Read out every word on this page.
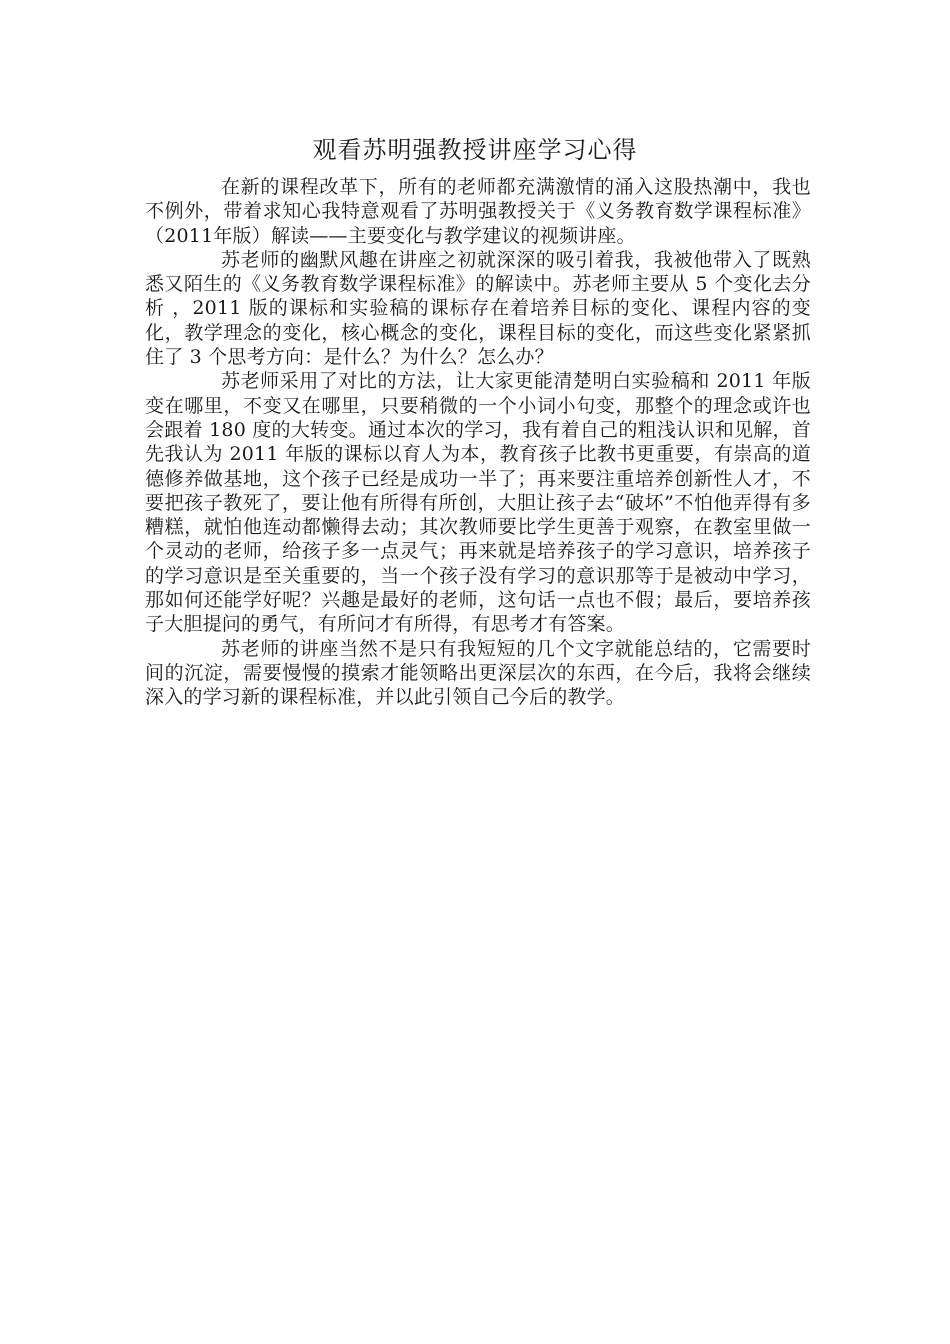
观看苏明强教授讲座学习心得

在新的课程改革下，所有的老师都充满激情的涌入这股热潮中，我也不例外，带着求知心我特意观看了苏明强教授关于《义务教育数学课程标准》（2011年版）解读——主要变化与教学建议的视频讲座。

苏老师的幽默风趣在讲座之初就深深的吸引着我，我被他带入了既熟悉又陌生的《义务教育数学课程标准》的解读中。苏老师主要从 5 个变化去分析 ，2011 版的课标和实验稿的课标存在着培养目标的变化、课程内容的变化，教学理念的变化，核心概念的变化，课程目标的变化，而这些变化紧紧抓住了 3 个思考方向：是什么？为什么？怎么办？

苏老师采用了对比的方法，让大家更能清楚明白实验稿和 2011 年版变在哪里，不变又在哪里，只要稍微的一个小词小句变，那整个的理念或许也会跟着 180 度的大转变。通过本次的学习，我有着自己的粗浅认识和见解，首先我认为 2011 年版的课标以育人为本，教育孩子比教书更重要，有崇高的道德修养做基地，这个孩子已经是成功一半了；再来要注重培养创新性人才，不要把孩子教死了，要让他有所得有所创，大胆让孩子去“破坏”不怕他弄得有多糟糕，就怕他连动都懒得去动；其次教师要比学生更善于观察，在教室里做一个灵动的老师，给孩子多一点灵气；再来就是培养孩子的学习意识，培养孩子的学习意识是至关重要的，当一个孩子没有学习的意识那等于是被动中学习，那如何还能学好呢？兴趣是最好的老师，这句话一点也不假；最后，要培养孩子大胆提问的勇气，有所问才有所得，有思考才有答案。

苏老师的讲座当然不是只有我短短的几个文字就能总结的，它需要时间的沉淀，需要慢慢的摸索才能领略出更深层次的东西，在今后，我将会继续深入的学习新的课程标准，并以此引领自己今后的教学。
